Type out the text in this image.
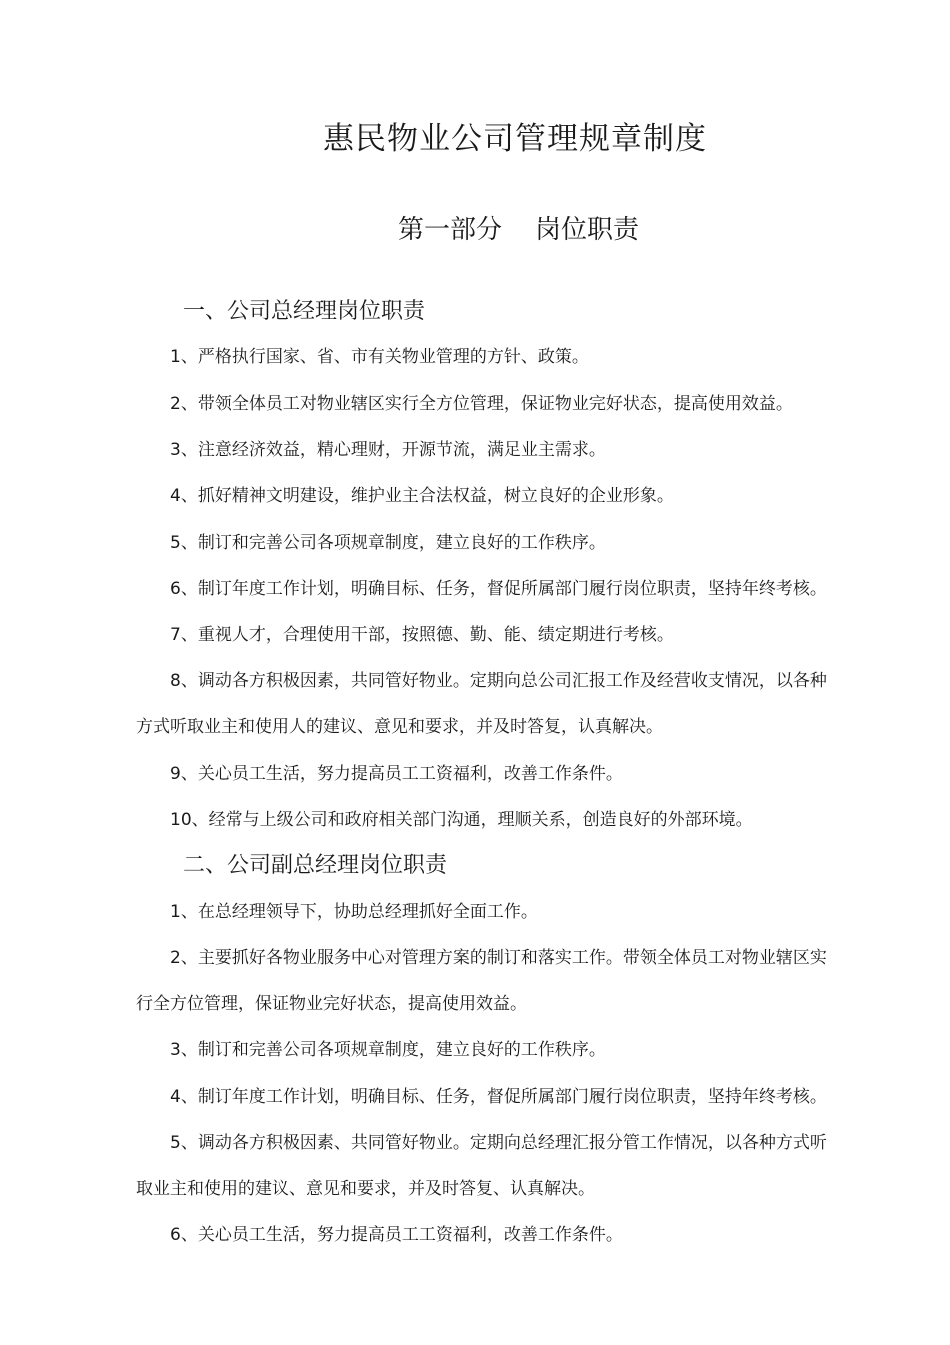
惠民物业公司管理规章制度
第一部分    岗位职责
一、公司总经理岗位职责

1、严格执行国家、省、市有关物业管理的方针、政策。

2、带领全体员工对物业辖区实行全方位管理，保证物业完好状态，提高使用效益。

3、注意经济效益，精心理财，开源节流，满足业主需求。

4、抓好精神文明建设，维护业主合法权益，树立良好的企业形象。

5、制订和完善公司各项规章制度，建立良好的工作秩序。

6、制订年度工作计划，明确目标、任务，督促所属部门履行岗位职责，坚持年终考核。

7、重视人才，合理使用干部，按照德、勤、能、绩定期进行考核。

8、调动各方积极因素，共同管好物业。定期向总公司汇报工作及经营收支情况，以各种

方式听取业主和使用人的建议、意见和要求，并及时答复，认真解决。

9、关心员工生活，努力提高员工工资福利，改善工作条件。

10、经常与上级公司和政府相关部门沟通，理顺关系，创造良好的外部环境。

二、公司副总经理岗位职责

1、在总经理领导下，协助总经理抓好全面工作。

2、主要抓好各物业服务中心对管理方案的制订和落实工作。带领全体员工对物业辖区实

行全方位管理，保证物业完好状态，提高使用效益。

3、制订和完善公司各项规章制度，建立良好的工作秩序。

4、制订年度工作计划，明确目标、任务，督促所属部门履行岗位职责，坚持年终考核。

5、调动各方积极因素、共同管好物业。定期向总经理汇报分管工作情况，以各种方式听

取业主和使用的建议、意见和要求，并及时答复、认真解决。

6、关心员工生活，努力提高员工工资福利，改善工作条件。
